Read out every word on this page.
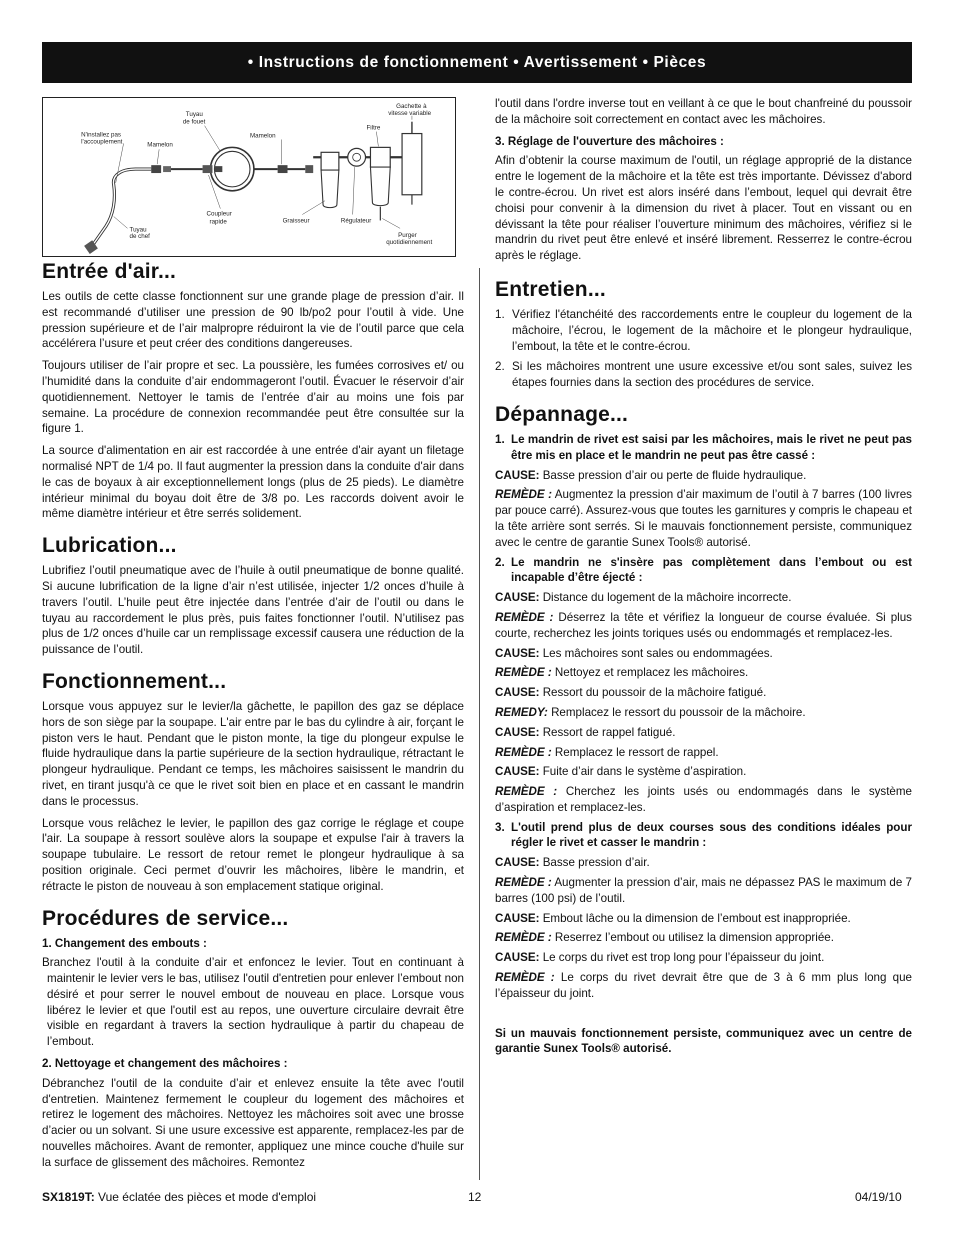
• Instructions de fonctionnement • Avertissement • Pièces
N'installez pas
l'accouplement
Tuyau
de fouet
Mamelon
Mamelon
Gachette à
vitesse variable
Filtre
Coupleur
rapide	Graisseur	Régulateur
Tuyau
de chef	Purger
quotidiennement
Entrée d'air...

Les outils de cette classe fonctionnent sur une grande plage de pression d’air. Il est recommandé d’utiliser une pression de 90 lb/po2 pour l’outil à vide. Une pression supérieure et de l’air malpropre réduiront la vie de l’outil parce que cela accélérera l’usure et peut créer des conditions dangereuses.

Toujours utiliser de l’air propre et sec. La poussière, les fumées corrosives et/ ou l’humidité dans la conduite d’air endommageront l’outil. Évacuer le réservoir d’air quotidiennement. Nettoyer le tamis de l’entrée d’air au moins une fois par semaine. La procédure de connexion recommandée peut être consultée sur la figure 1.

La source d'alimentation en air est raccordée à une entrée d'air ayant un filetage normalisé NPT de 1/4 po. Il faut augmenter la pression dans la conduite d'air dans le cas de boyaux à air exceptionnellement longs (plus de 25 pieds). Le diamètre intérieur minimal du boyau doit être de 3/8 po. Les raccords doivent avoir le même diamètre intérieur et être serrés solidement.

Lubrication...

Lubrifiez l’outil pneumatique avec de l’huile à outil pneumatique de bonne qualité. Si aucune lubrification de la ligne d’air n’est utilisée, injecter 1/2 onces d’huile à travers l’outil. L’huile peut être injectée dans l’entrée d’air de l’outil ou dans le tuyau au raccordement le plus près, puis faites fonctionner l’outil. N’utilisez pas plus de 1/2 onces d’huile car un remplissage excessif causera une réduction de la puissance de l’outil.

Fonctionnement...

Lorsque vous appuyez sur le levier/la gâchette, le papillon des gaz se déplace hors de son siège par la soupape. L'air entre par le bas du cylindre à air, forçant le piston vers le haut. Pendant que le piston monte, la tige du plongeur expulse le fluide hydraulique dans la partie supérieure de la section hydraulique, rétractant le plongeur hydraulique. Pendant ce temps, les mâchoires saisissent le mandrin du rivet, en tirant jusqu'à ce que le rivet soit bien en place et en cassant le mandrin dans le processus.

Lorsque vous relâchez le levier, le papillon des gaz corrige le réglage et coupe l'air. La soupape à ressort soulève alors la soupape et expulse l'air à travers la soupape tubulaire. Le ressort de retour remet le plongeur hydraulique à sa position originale. Ceci permet d’ouvrir les mâchoires, libère le mandrin, et rétracte le piston de nouveau à son emplacement statique original.

Procédures de service...

1. Changement des embouts :

Branchez l'outil à la conduite d’air et enfoncez le levier. Tout en continuant à maintenir le levier vers le bas, utilisez l'outil d'entretien pour enlever l’embout non désiré et pour serrer le nouvel embout de nouveau en place. Lorsque vous libérez le levier et que l'outil est au repos, une ouverture circulaire devrait être visible en regardant à travers la section hydraulique à partir du chapeau de l’embout.

2. Nettoyage et changement des mâchoires :

Débranchez l'outil de la conduite d’air et enlevez ensuite la tête avec l'outil d'entretien. Maintenez fermement le coupleur du logement des mâchoires et retirez le logement des mâchoires. Nettoyez les mâchoires soit avec une brosse d’acier ou un solvant. Si une usure excessive est apparente, remplacez-les par de nouvelles mâchoires. Avant de remonter, appliquez une mince couche d'huile sur la surface de glissement des mâchoires. Remontez

l'outil dans l'ordre inverse tout en veillant à ce que le bout chanfreiné du poussoir de la mâchoire soit correctement en contact avec les mâchoires.

3. Réglage de l'ouverture des mâchoires :

Afin d’obtenir la course maximum de l'outil, un réglage approprié de la distance entre le logement de la mâchoire et la tête est très importante. Dévissez d'abord le contre-écrou. Un rivet est alors inséré dans l’embout, lequel qui devrait être choisi pour convenir à la dimension du rivet à placer. Tout en vissant ou en dévissant la tête pour réaliser l’ouverture minimum des mâchoires, vérifiez si le mandrin du rivet peut être enlevé et inséré librement. Resserrez le contre-écrou après le réglage.

Entretien...
1. Vérifiez l'étanchéité des raccordements entre le coupleur du logement de la mâchoire, l’écrou, le logement de la mâchoire et le plongeur hydraulique, l’embout, la tête et le contre-écrou.
2. Si les mâchoires montrent une usure excessive et/ou sont sales, suivez les étapes fournies dans la section des procédures de service.
Dépannage...

1. Le mandrin de rivet est saisi par les mâchoires, mais le rivet ne peut pas être mis en place et le mandrin ne peut pas être cassé :

CAUSE: Basse pression d’air ou perte de fluide hydraulique.

REMÈDE : Augmentez la pression d’air maximum de l’outil à 7 barres (100 livres par pouce carré). Assurez-vous que toutes les garnitures y compris le chapeau et la tête arrière sont serrés. Si le mauvais fonctionnement persiste, communiquez avec le centre de garantie Sunex Tools® autorisé.

2. Le mandrin ne s'insère pas complètement dans l’embout ou est incapable d’être éjecté :

CAUSE: Distance du logement de la mâchoire incorrecte.

REMÈDE : Déserrez la tête et vérifiez la longueur de course évaluée. Si plus courte, recherchez les joints toriques usés ou endommagés et remplacez-les.

CAUSE: Les mâchoires sont sales ou endommagées.

REMÈDE : Nettoyez et remplacez les mâchoires.

CAUSE: Ressort du poussoir de la mâchoire fatigué.

REMEDY: Remplacez le ressort du poussoir de la mâchoire.

CAUSE: Ressort de rappel fatigué.

REMÈDE : Remplacez le ressort de rappel.

CAUSE: Fuite d’air dans le système d’aspiration.

REMÈDE : Cherchez les joints usés ou endommagés dans le système d’aspiration et remplacez-les.

3. L'outil prend plus de deux courses sous des conditions idéales pour régler le rivet et casser le mandrin :

CAUSE: Basse pression d’air.

REMÈDE : Augmenter la pression d’air, mais ne dépassez PAS le maximum de 7 barres (100 psi) de l’outil.

CAUSE: Embout lâche ou la dimension de l’embout est inappropriée.

REMÈDE : Reserrez l’embout ou utilisez la dimension appropriée.

CAUSE: Le corps du rivet est trop long pour l’épaisseur du joint.

REMÈDE : Le corps du rivet devrait être que de 3 à 6 mm plus long que l’épaisseur du joint.

Si un mauvais fonctionnement persiste, communiquez avec un centre de garantie Sunex Tools® autorisé.

SX1819T: Vue éclatée des pièces et mode d'emploi	12	04/19/10
